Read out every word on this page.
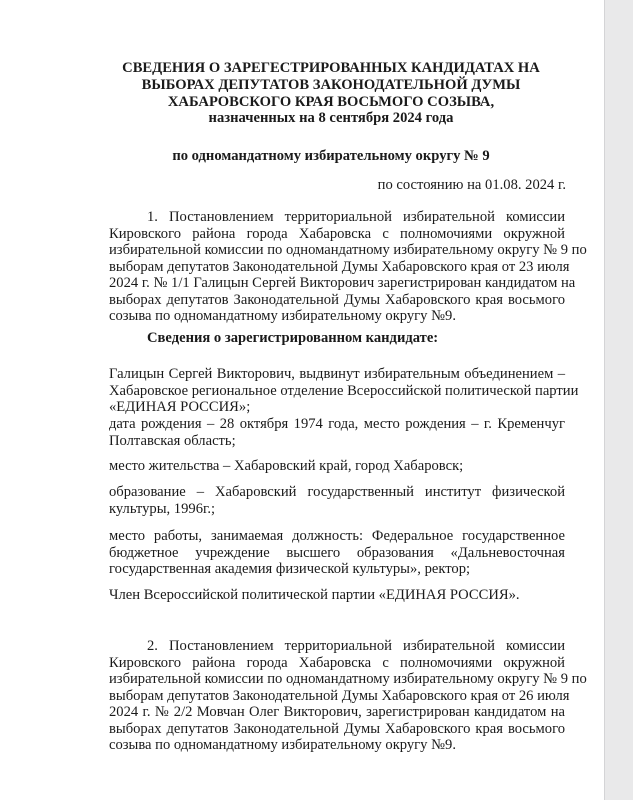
СВЕДЕНИЯ О ЗАРЕГЕСТРИРОВАННЫХ КАНДИДАТАХ НА
ВЫБОРАХ ДЕПУТАТОВ ЗАКОНОДАТЕЛЬНОЙ ДУМЫ
ХАБАРОВСКОГО КРАЯ ВОСЬМОГО СОЗЫВА,
назначенных на 8 сентября 2024 года
по одномандатному избирательному округу № 9
по состоянию на 01.08. 2024 г.
1. Постановлением территориальной избирательной комиссии
Кировского района города Хабаровска с полномочиями окружной
избирательной комиссии по одномандатному избирательному округу № 9 по
выборам депутатов Законодательной Думы Хабаровского края от 23 июля
2024 г. № 1/1 Галицын Сергей Викторович зарегистрирован кандидатом на
выборах депутатов Законодательной Думы Хабаровского края восьмого
созыва по одномандатному избирательному округу №9.
Сведения о зарегистрированном кандидате:
Галицын Сергей Викторович, выдвинут избирательным объединением –
Хабаровское региональное отделение Всероссийской политической партии
«ЕДИНАЯ РОССИЯ»;
дата рождения – 28 октября 1974 года, место рождения – г. Кременчуг
Полтавская область;
место жительства – Хабаровский край, город Хабаровск;
образование – Хабаровский государственный институт физической
культуры, 1996г.;
место работы, занимаемая должность: Федеральное государственное
бюджетное учреждение высшего образования «Дальневосточная
государственная академия физической культуры», ректор;
Член Всероссийской политической партии «ЕДИНАЯ РОССИЯ».
2. Постановлением территориальной избирательной комиссии
Кировского района города Хабаровска с полномочиями окружной
избирательной комиссии по одномандатному избирательному округу № 9 по
выборам депутатов Законодательной Думы Хабаровского края от 26 июля
2024 г. № 2/2 Мовчан Олег Викторович, зарегистрирован кандидатом на
выборах депутатов Законодательной Думы Хабаровского края восьмого
созыва по одномандатному избирательному округу №9.
